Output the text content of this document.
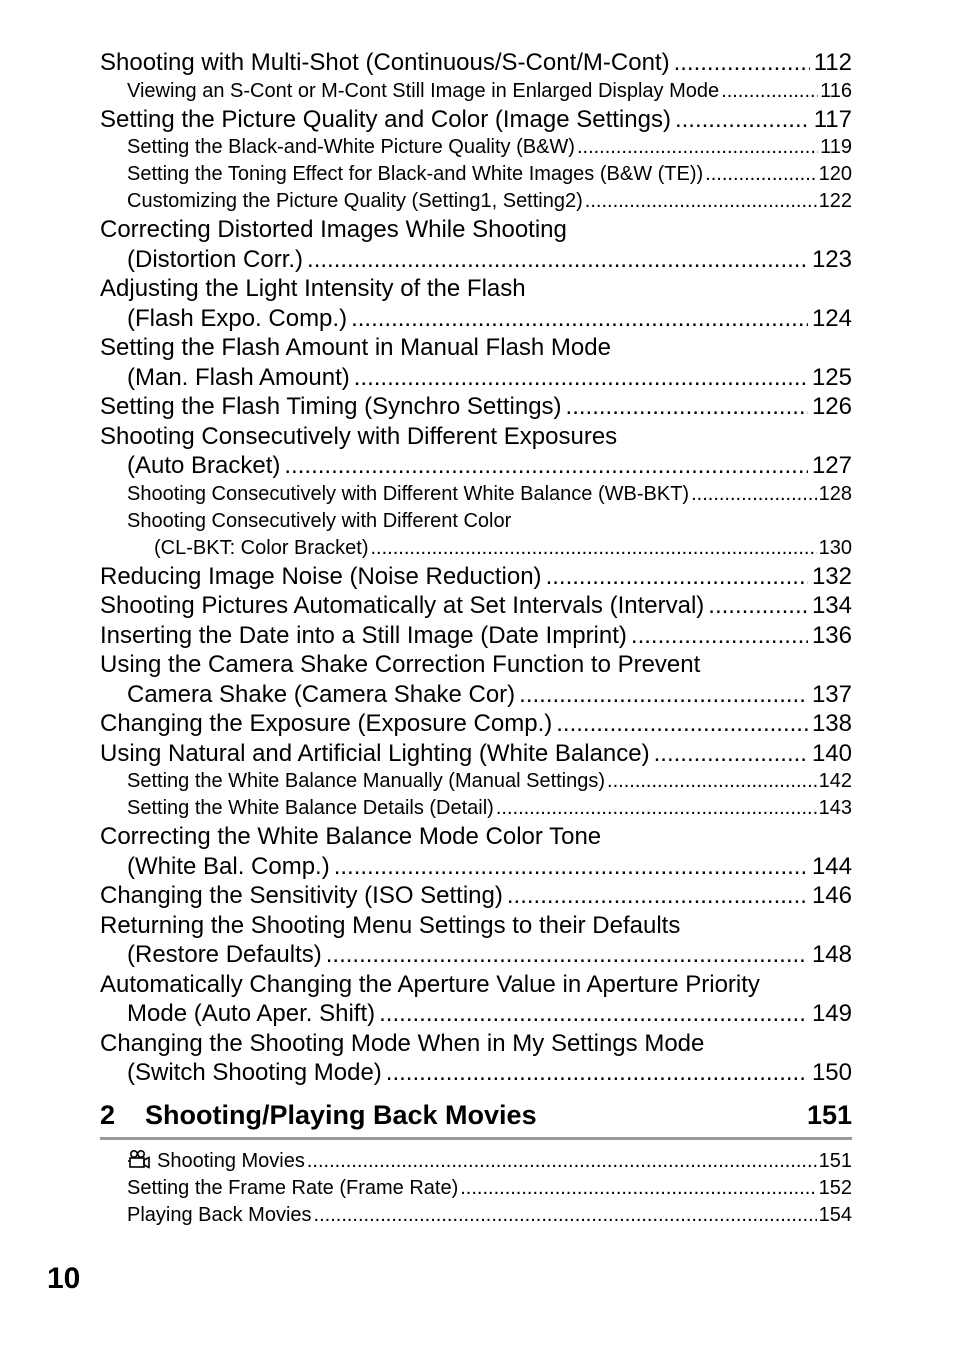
Shooting with Multi-Shot (Continuous/S-Cont/M-Cont) .....	112
Viewing an S-Cont or M-Cont Still Image in Enlarged Display Mode .....	116
Setting the Picture Quality and Color (Image Settings) .....	117
Setting the Black-and-White Picture Quality (B&W) .....	119
Setting the Toning Effect for Black-and White Images (B&W (TE)) .....	120
Customizing the Picture Quality (Setting1, Setting2) .....	122
Correcting Distorted Images While Shooting
(Distortion Corr.) .....	123
Adjusting the Light Intensity of the Flash
(Flash Expo. Comp.) .....	124
Setting the Flash Amount in Manual Flash Mode
(Man. Flash Amount) .....	125
Setting the Flash Timing (Synchro Settings) .....	126
Shooting Consecutively with Different Exposures
(Auto Bracket) .....	127
Shooting Consecutively with Different White Balance (WB-BKT) .....	128
Shooting Consecutively with Different Color
(CL-BKT: Color Bracket) .....	130
Reducing Image Noise (Noise Reduction) .....	132
Shooting Pictures Automatically at Set Intervals (Interval) .....	134
Inserting the Date into a Still Image (Date Imprint) .....	136
Using the Camera Shake Correction Function to Prevent
Camera Shake (Camera Shake Cor) .....	137
Changing the Exposure (Exposure Comp.) .....	138
Using Natural and Artificial Lighting (White Balance) .....	140
Setting the White Balance Manually (Manual Settings) .....	142
Setting the White Balance Details (Detail) .....	143
Correcting the White Balance Mode Color Tone
(White Bal. Comp.) .....	144
Changing the Sensitivity (ISO Setting) .....	146
Returning the Shooting Menu Settings to their Defaults
(Restore Defaults) .....	148
Automatically Changing the Aperture Value in Aperture Priority
Mode (Auto Aper. Shift) .....	149
Changing the Shooting Mode When in My Settings Mode
(Switch Shooting Mode) .....	150
2 Shooting/Playing Back Movies	151
Shooting Movies .....	151
Setting the Frame Rate (Frame Rate) .....	152
Playing Back Movies .....	154
10
